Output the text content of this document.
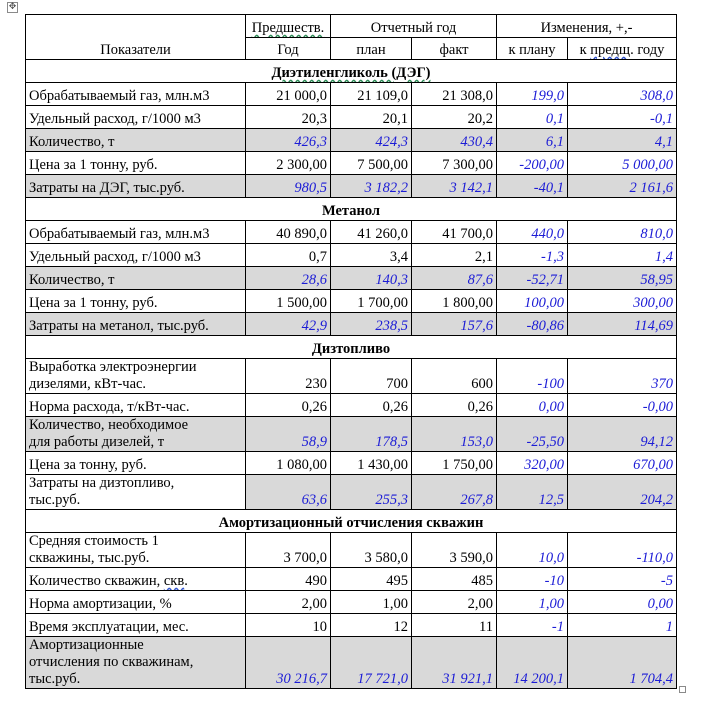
✥
Показатели	Предшеств.	Отчетный год		Изменения, +,-	
	Год	план	факт	к плану	к предщ. году
Диэтиленгликоль (ДЭГ)					
Обрабатываемый газ, млн.м3	21 000,0	21 109,0	21 308,0	199,0	308,0
Удельный расход, г/1000 м3	20,3	20,1	20,2	0,1	-0,1
Количество, т	426,3	424,3	430,4	6,1	4,1
Цена за 1 тонну, руб.	2 300,00	7 500,00	7 300,00	-200,00	5 000,00
Затраты на ДЭГ, тыс.руб.	980,5	3 182,2	3 142,1	-40,1	2 161,6
Метанол					
Обрабатываемый газ, млн.м3	40 890,0	41 260,0	41 700,0	440,0	810,0
Удельный расход, г/1000 м3	0,7	3,4	2,1	-1,3	1,4
Количество, т	28,6	140,3	87,6	-52,71	58,95
Цена за 1 тонну, руб.	1 500,00	1 700,00	1 800,00	100,00	300,00
Затраты на метанол, тыс.руб.	42,9	238,5	157,6	-80,86	114,69
Дизтопливо					
Выработка электроэнергии
дизелями, кВт-час.	230	700	600	-100	370
Норма расхода, т/кВт-час.	0,26	0,26	0,26	0,00	-0,00
Количество, необходимое
для работы дизелей, т	58,9	178,5	153,0	-25,50	94,12
Цена за тонну, руб.	1 080,00	1 430,00	1 750,00	320,00	670,00
Затраты на дизтопливо,
тыс.руб.	63,6	255,3	267,8	12,5	204,2
Амортизационный отчисления скважин					
Средняя стоимость 1
скважины, тыс.руб.	3 700,0	3 580,0	3 590,0	10,0	-110,0
Количество скважин, скв.	490	495	485	-10	-5
Норма амортизации, %	2,00	1,00	2,00	1,00	0,00
Время эксплуатации, мес.	10	12	11	-1	1
Амортизационные
отчисления по скважинам,
тыс.руб.	30 216,7	17 721,0	31 921,1	14 200,1	1 704,4
